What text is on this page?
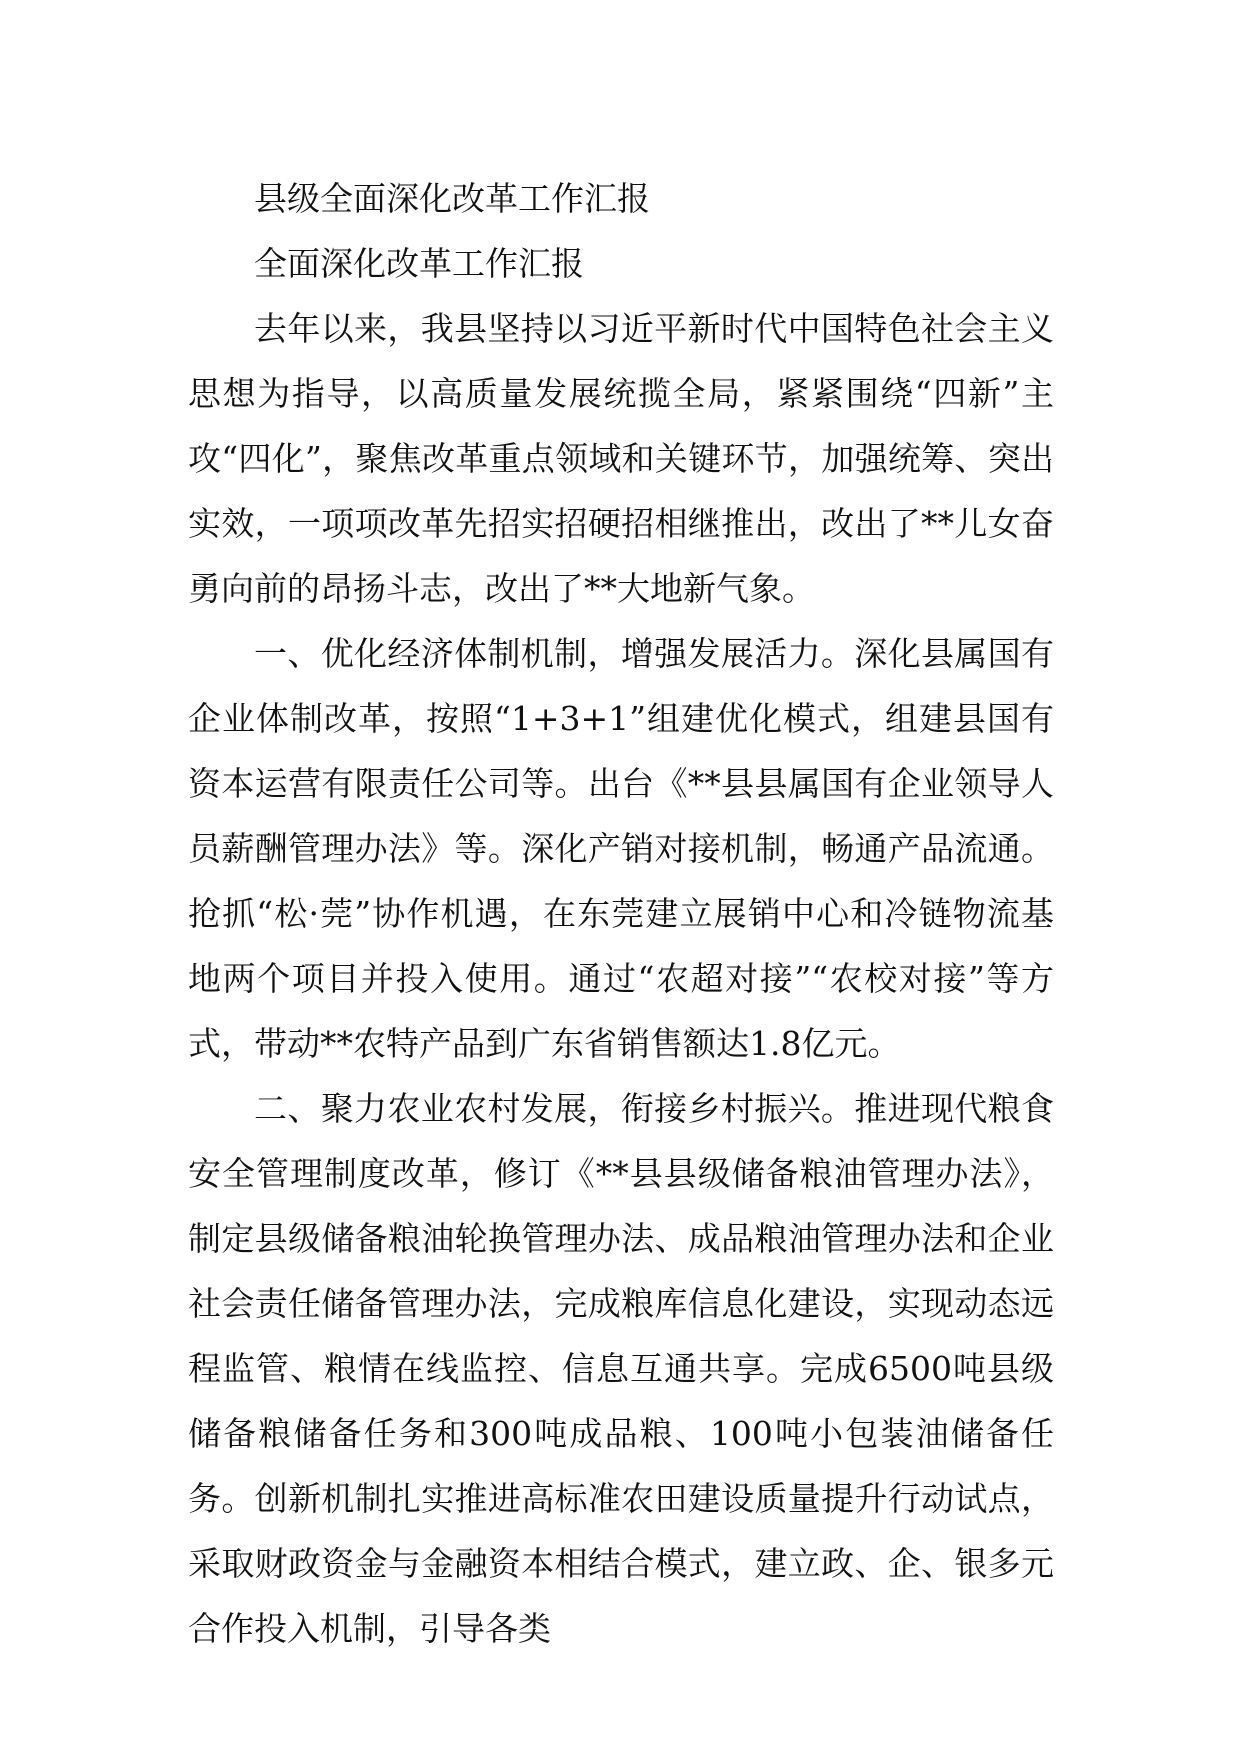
县级全面深化改革工作汇报

全面深化改革工作汇报

去年以来，我县坚持以习近平新时代中国特色社会主义思想为指导，以高质量发展统揽全局，紧紧围绕“四新”主攻“四化”，聚焦改革重点领域和关键环节，加强统筹、突出实效，一项项改革先招实招硬招相继推出，改出了**儿女奋勇向前的昂扬斗志，改出了**大地新气象。

一、优化经济体制机制，增强发展活力。深化县属国有企业体制改革，按照“1+3+1”组建优化模式，组建县国有资本运营有限责任公司等。出台《**县县属国有企业领导人员薪酬管理办法》等。深化产销对接机制，畅通产品流通。抢抓“松·莞”协作机遇，在东莞建立展销中心和冷链物流基地两个项目并投入使用。通过“农超对接”“农校对接”等方式，带动**农特产品到广东省销售额达1.8亿元。

二、聚力农业农村发展，衔接乡村振兴。推进现代粮食安全管理制度改革，修订《**县县级储备粮油管理办法》，制定县级储备粮油轮换管理办法、成品粮油管理办法和企业社会责任储备管理办法，完成粮库信息化建设，实现动态远程监管、粮情在线监控、信息互通共享。完成6500吨县级储备粮储备任务和300吨成品粮、100吨小包装油储备任务。创新机制扎实推进高标准农田建设质量提升行动试点，采取财政资金与金融资本相结合模式，建立政、企、银多元合作投入机制，引导各类
